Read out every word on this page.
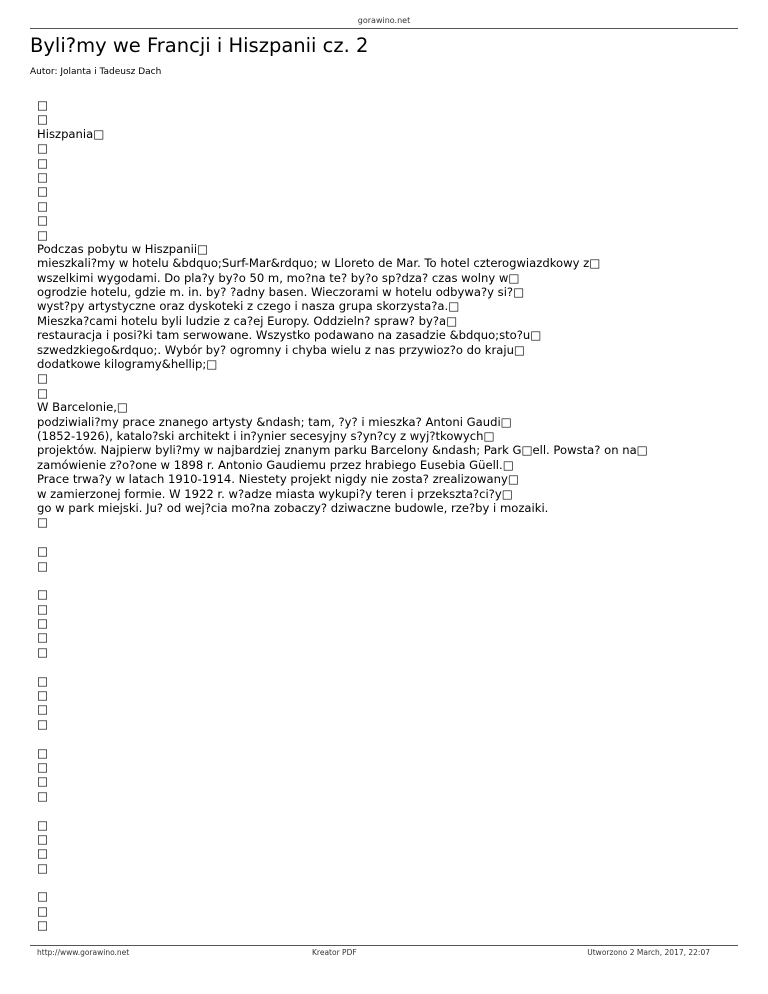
gorawino.net
Byli?my we Francji i Hiszpanii cz. 2
Autor: Jolanta i Tadeusz Dach
□
□
Hiszpania□
□
□
□
□
□
□
□
Podczas pobytu w Hiszpanii□
mieszkali?my w hotelu &bdquo;Surf-Mar&rdquo; w Lloreto de Mar. To hotel czterogwiazdkowy z□
wszelkimi wygodami. Do pla?y by?o 50 m, mo?na te? by?o sp?dza? czas wolny w□
ogrodzie hotelu, gdzie m. in. by? ?adny basen. Wieczorami w hotelu odbywa?y si?□
wyst?py artystyczne oraz dyskoteki z czego i nasza grupa skorzysta?a.□
Mieszka?cami hotelu byli ludzie z ca?ej Europy. Oddzieln? spraw? by?a□
restauracja i posi?ki tam serwowane. Wszystko podawano na zasadzie &bdquo;sto?u□
szwedzkiego&rdquo;. Wybór by? ogromny i chyba wielu z nas przywioz?o do kraju□
dodatkowe kilogramy&hellip;□
□
□
W Barcelonie,□
podziwiali?my prace znanego artysty &ndash; tam, ?y? i mieszka? Antoni Gaudi□
(1852-1926), katalo?ski architekt i in?ynier secesyjny s?yn?cy z wyj?tkowych□
projektów. Najpierw byli?my w najbardziej znanym parku Barcelony &ndash; Park G□ell. Powsta? on na□
zamówienie z?o?one w 1898 r. Antonio Gaudiemu przez hrabiego Eusebia Güell.□
Prace trwa?y w latach 1910-1914. Niestety projekt nigdy nie zosta? zrealizowany□
w zamierzonej formie. W 1922 r. w?adze miasta wykupi?y teren i przekszta?ci?y□
go w park miejski. Ju? od wej?cia mo?na zobaczy? dziwaczne budowle, rze?by i mozaiki.
□
□
□
□
□
□
□
□
□
□
□
□
□
□
□
□
□
□
□
□
□
□
□
http://www.gorawino.net	Kreator PDF	Utworzono 2 March, 2017, 22:07
